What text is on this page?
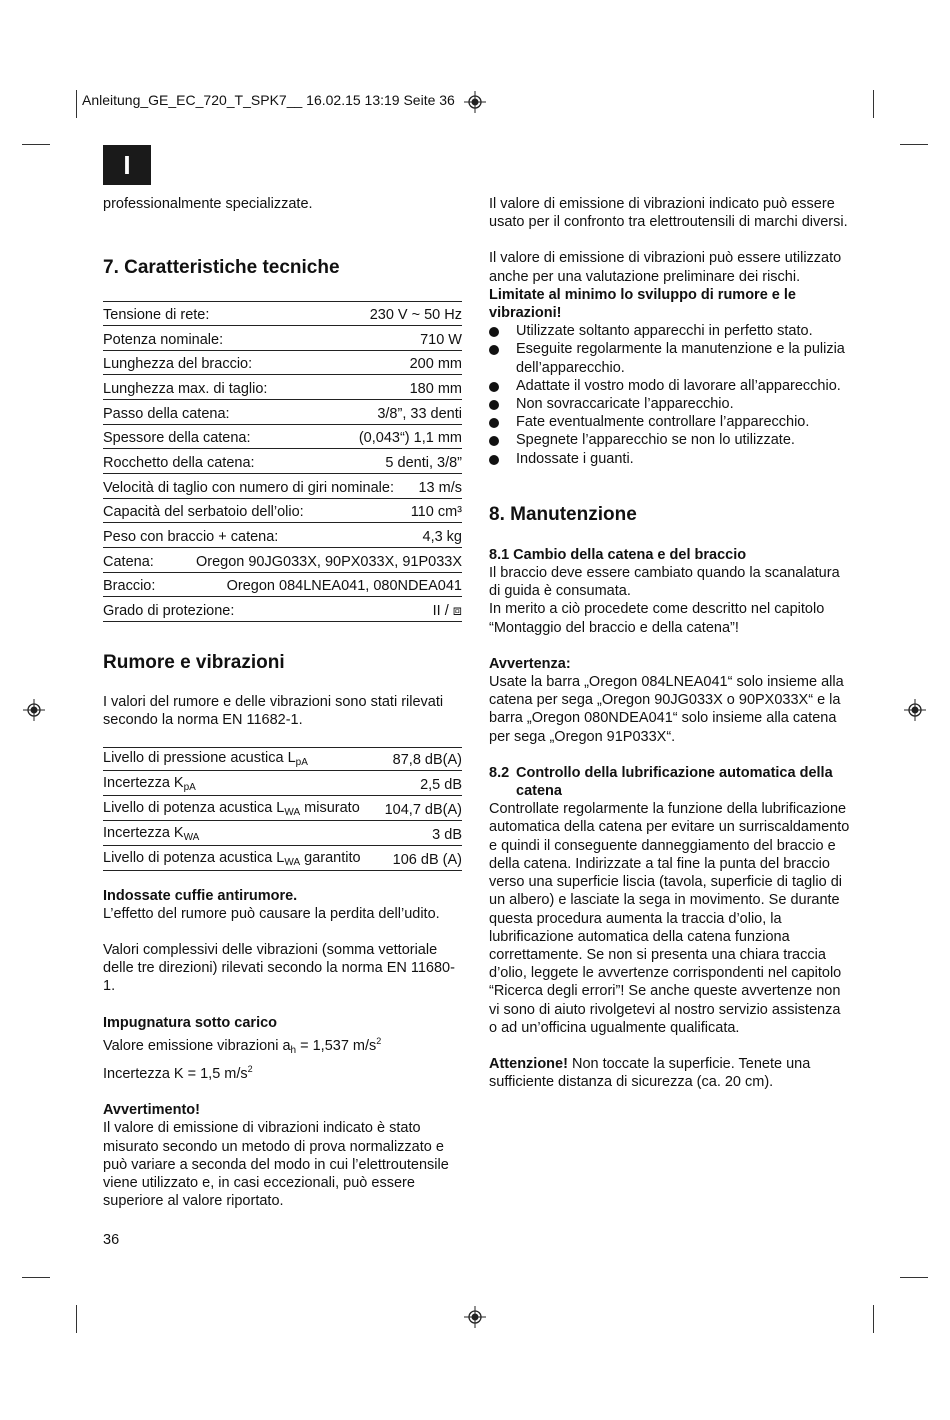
Anleitung_GE_EC_720_T_SPK7__ 16.02.15 13:19 Seite 36
I

professionalmente specializzate.

7. Caratteristiche tecniche
Tensione di rete:	230 V ~ 50 Hz
Potenza nominale:	710 W
Lunghezza del braccio:	200 mm
Lunghezza max. di taglio:	180 mm
Passo della catena:	3/8”, 33 denti
Spessore della catena:	(0,043“) 1,1 mm
Rocchetto della catena:	5 denti, 3/8”
Velocità di taglio con numero di giri nominale: 13 m/s
Capacità del serbatoio dell’olio:	110 cm³
Peso con braccio + catena:	4,3 kg
Catena:	Oregon 90JG033X, 90PX033X, 91P033X
Braccio:	Oregon 084LNEA041, 080NDEA041
Grado di protezione:	II / ⧈
Rumore e vibrazioni

I valori del rumore e delle vibrazioni sono stati rilevati secondo la norma EN 11682-1.

Livello di pressione acustica $L_{pA}$	87,8 dB(A)
Incertezza $K_{pA}$	2,5 dB
Livello di potenza acustica $L_{WA}$ misurato 104,7 dB(A)
Incertezza $K_{WA}$	3 dB
Livello di potenza acustica $L_{WA}$ garantito 106 dB (A)

Indossate cuffie antirumore.

L’effetto del rumore può causare la perdita dell’udito.

Valori complessivi delle vibrazioni (somma vettoriale delle tre direzioni) rilevati secondo la norma EN 11680-1.

Impugnatura sotto carico

Valore emissione vibrazioni $a_h = 1,537$ $m/s^2$

Incertezza K = 1,5 $m/s^2$

Avvertimento!

Il valore di emissione di vibrazioni indicato è stato misurato secondo un metodo di prova normalizzato e può variare a seconda del modo in cui l’elettroutensile viene utilizzato e, in casi eccezionali, può essere superiore al valore riportato.

36

Il valore di emissione di vibrazioni indicato può essere usato per il confronto tra elettroutensili di marchi diversi.

Il valore di emissione di vibrazioni può essere utilizzato anche per una valutazione preliminare dei rischi.

Limitate al minimo lo sviluppo di rumore e le vibrazioni!

Utilizzate soltanto apparecchi in perfetto stato.
Eseguite regolarmente la manutenzione e la pulizia dell’apparecchio.
Adattate il vostro modo di lavorare all’apparecchio.
Non sovraccaricate l’apparecchio.
Fate eventualmente controllare l’apparecchio.
Spegnete l’apparecchio se non lo utilizzate.
Indossate i guanti.
8. Manutenzione

8.1 Cambio della catena e del braccio

Il braccio deve essere cambiato quando la scanalatura di guida è consumata.

In merito a ciò procedete come descritto nel capitolo “Montaggio del braccio e della catena”!

Avvertenza:

Usate la barra „Oregon 084LNEA041“ solo insieme alla catena per sega „Oregon 90JG033X o 90PX033X“ e la barra „Oregon 080NDEA041“ solo insieme alla catena per sega „Oregon 91P033X“.

8.2 Controllo della lubrificazione automatica della catena

Controllate regolarmente la funzione della lubrificazione automatica della catena per evitare un surriscaldamento e quindi il conseguente danneggiamento del braccio e della catena. Indirizzate a tal fine la punta del braccio verso una superficie liscia (tavola, superficie di taglio di un albero) e lasciate la sega in movimento. Se durante questa procedura aumenta la traccia d’olio, la lubrificazione automatica della catena funziona correttamente. Se non si presenta una chiara traccia d’olio, leggete le avvertenze corrispondenti nel capitolo “Ricerca degli errori”! Se anche queste avvertenze non vi sono di aiuto rivolgetevi al nostro servizio assistenza o ad un’officina ugualmente qualificata.

Attenzione! Non toccate la superficie. Tenete una sufficiente distanza di sicurezza (ca. 20 cm).
